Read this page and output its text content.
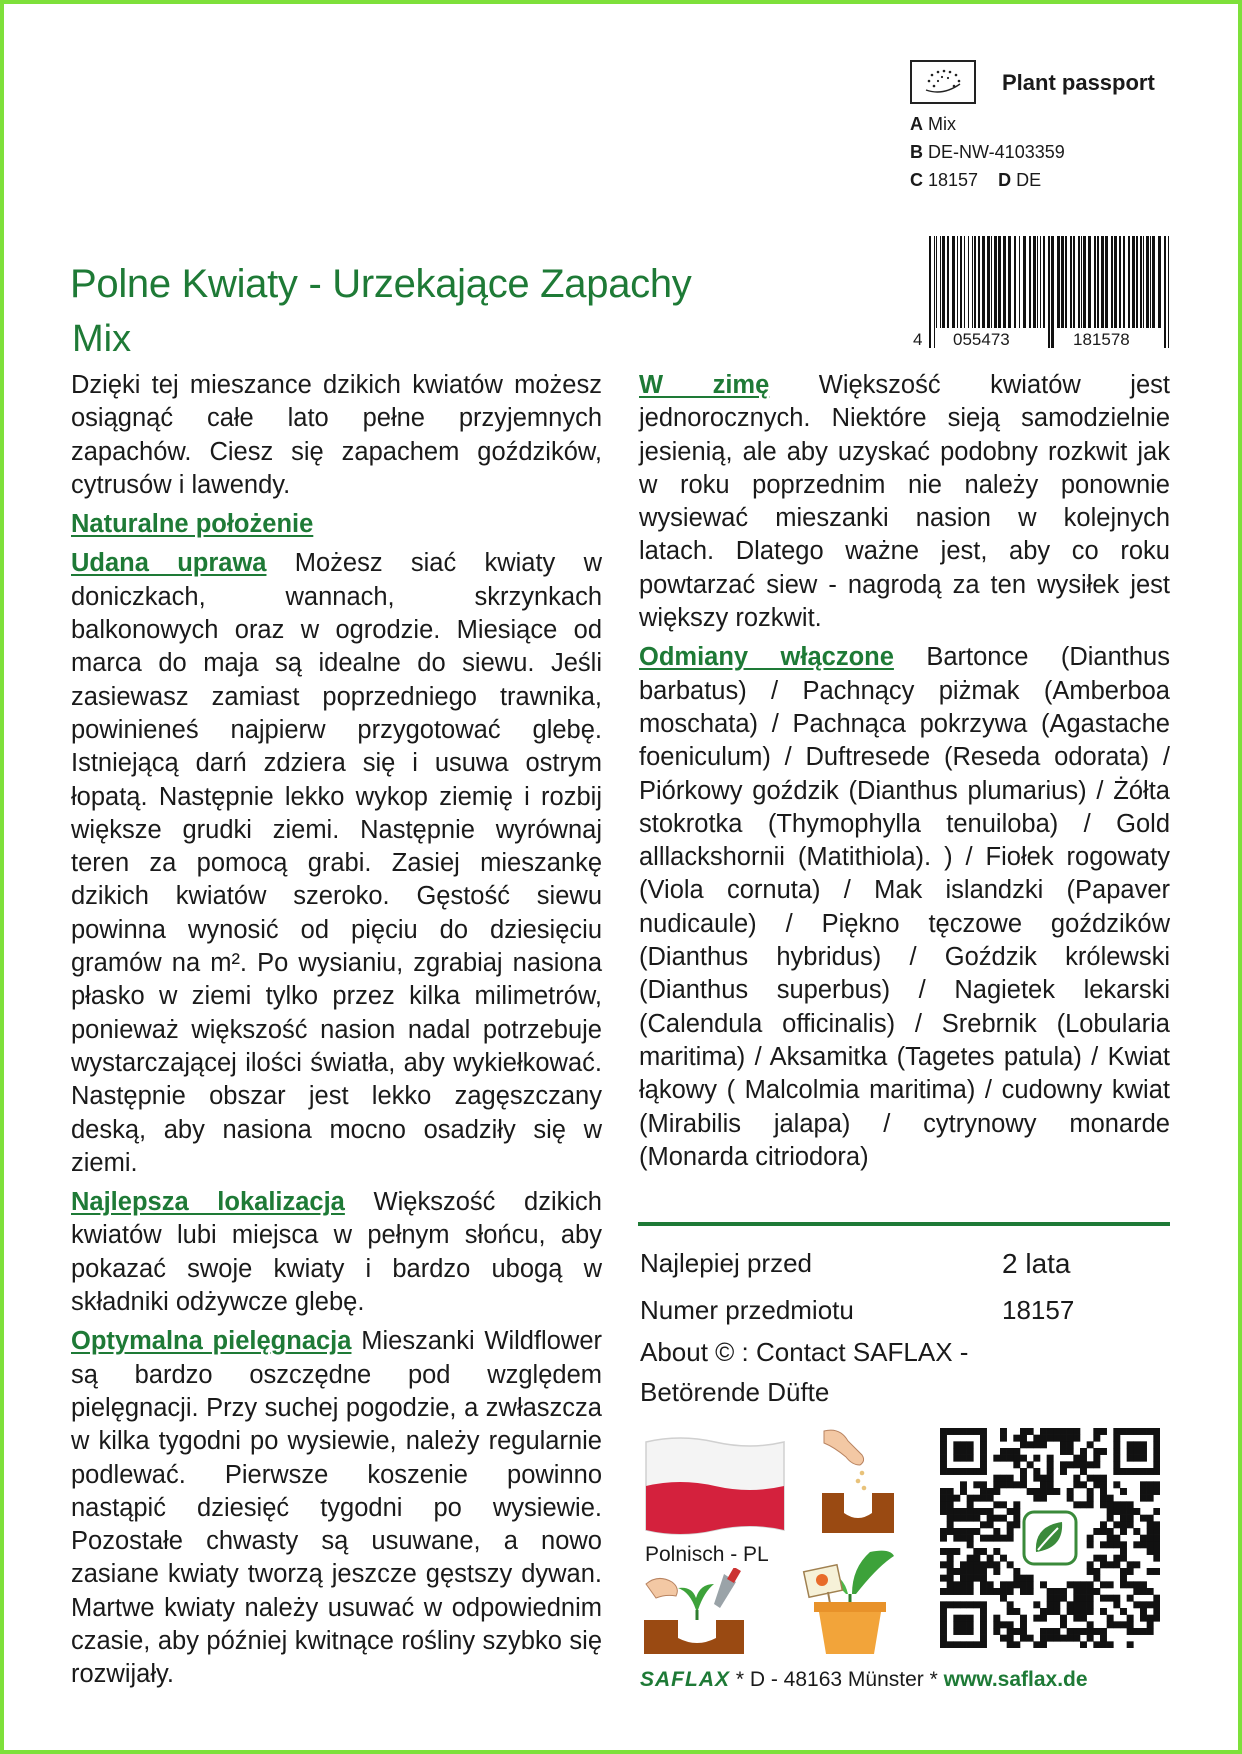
Plant passport
A Mix
B DE-NW-4103359
C 18157 D DE
4 055473	181578
Polne Kwiaty - Urzekające Zapachy
Mix

Dzięki tej mieszance dzikich kwiatów możesz osiągnąć całe lato pełne przyjemnych zapachów. Ciesz się zapachem goździków, cytrusów i lawendy.

Naturalne położenie

Udana uprawa Możesz siać kwiaty w doniczkach, wannach, skrzynkach balkonowych oraz w ogrodzie. Miesiące od marca do maja są idealne do siewu. Jeśli zasiewasz zamiast poprzedniego trawnika, powinieneś najpierw przygotować glebę. Istniejącą darń zdziera się i usuwa ostrym łopatą. Następnie lekko wykop ziemię i rozbij większe grudki ziemi. Następnie wyrównaj teren za pomocą grabi. Zasiej mieszankę dzikich kwiatów szeroko. Gęstość siewu powinna wynosić od pięciu do dziesięciu gramów na m². Po wysianiu, zgrabiaj nasiona płasko w ziemi tylko przez kilka milimetrów, ponieważ większość nasion nadal potrzebuje wystarczającej ilości światła, aby wykiełkować. Następnie obszar jest lekko zagęszczany deską, aby nasiona mocno osadziły się w ziemi.

Najlepsza lokalizacja Większość dzikich kwiatów lubi miejsca w pełnym słońcu, aby pokazać swoje kwiaty i bardzo ubogą w składniki odżywcze glebę.

Optymalna pielęgnacja Mieszanki Wildflower są bardzo oszczędne pod względem pielęgnacji. Przy suchej pogodzie, a zwłaszcza w kilka tygodni po wysiewie, należy regularnie podlewać. Pierwsze koszenie powinno nastąpić dziesięć tygodni po wysiewie. Pozostałe chwasty są usuwane, a nowo zasiane kwiaty tworzą jeszcze gęstszy dywan. Martwe kwiaty należy usuwać w odpowiednim czasie, aby później kwitnące rośliny szybko się rozwijały.

W zimę Większość kwiatów jest jednorocznych. Niektóre sieją samodzielnie jesienią, ale aby uzyskać podobny rozkwit jak w roku poprzednim nie należy ponownie wysiewać mieszanki nasion w kolejnych latach. Dlatego ważne jest, aby co roku powtarzać siew - nagrodą za ten wysiłek jest większy rozkwit.

Odmiany włączone Bartonce (Dianthus barbatus) / Pachnący piżmak (Amberboa moschata) / Pachnąca pokrzywa (Agastache foeniculum) / Duftresede (Reseda odorata) / Piórkowy goździk (Dianthus plumarius) / Żółta stokrotka (Thymophylla tenuiloba) / Gold alllackshornii (Matithiola). ) / Fiołek rogowaty (Viola cornuta) / Mak islandzki (Papaver nudicaule) / Piękno tęczowe goździków (Dianthus hybridus) / Goździk królewski (Dianthus superbus) / Nagietek lekarski (Calendula officinalis) / Srebrnik (Lobularia maritima) / Aksamitka (Tagetes patula) / Kwiat łąkowy ( Malcolmia maritima) / cudowny kwiat (Mirabilis jalapa) / cytrynowy monarde (Monarda citriodora)

Najlepiej przed	2 lata
Numer przedmiotu	18157
About © : Contact SAFLAX -
Betörende Düfte
Polnisch - PL
SAFLAX * D - 48163 Münster * www.saflax.de
